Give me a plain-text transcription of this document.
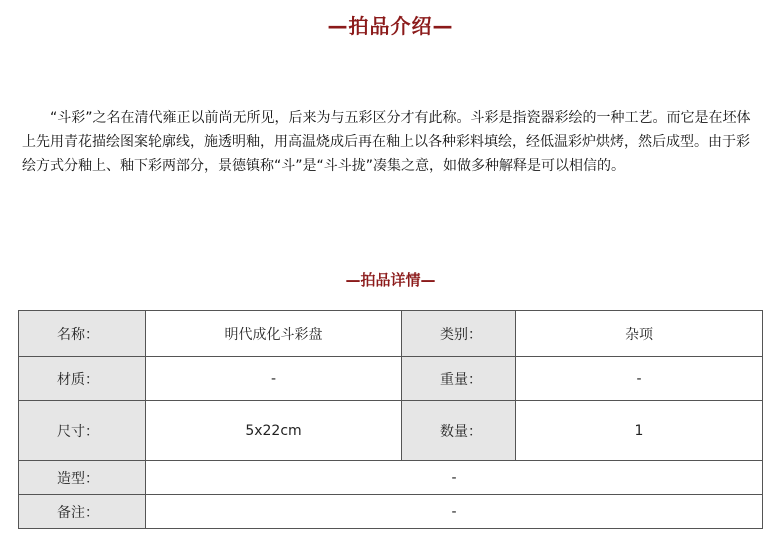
—拍品介绍—

“斗彩”之名在清代雍正以前尚无所见，后来为与五彩区分才有此称。斗彩是指瓷器彩绘的一种工艺。而它是在坯体上先用青花描绘图案轮廓线，施透明釉，用高温烧成后再在釉上以各种彩料填绘，经低温彩炉烘烤，然后成型。由于彩绘方式分釉上、釉下彩两部分，景德镇称“斗”是“斗斗拢”凑集之意，如做多种解释是可以相信的。

—拍品详情—
名称：	明代成化斗彩盘	类别：	杂项
材质：	-	重量：	-
尺寸：	5x22cm	数量：	1
造型：	-		
备注：	-		
